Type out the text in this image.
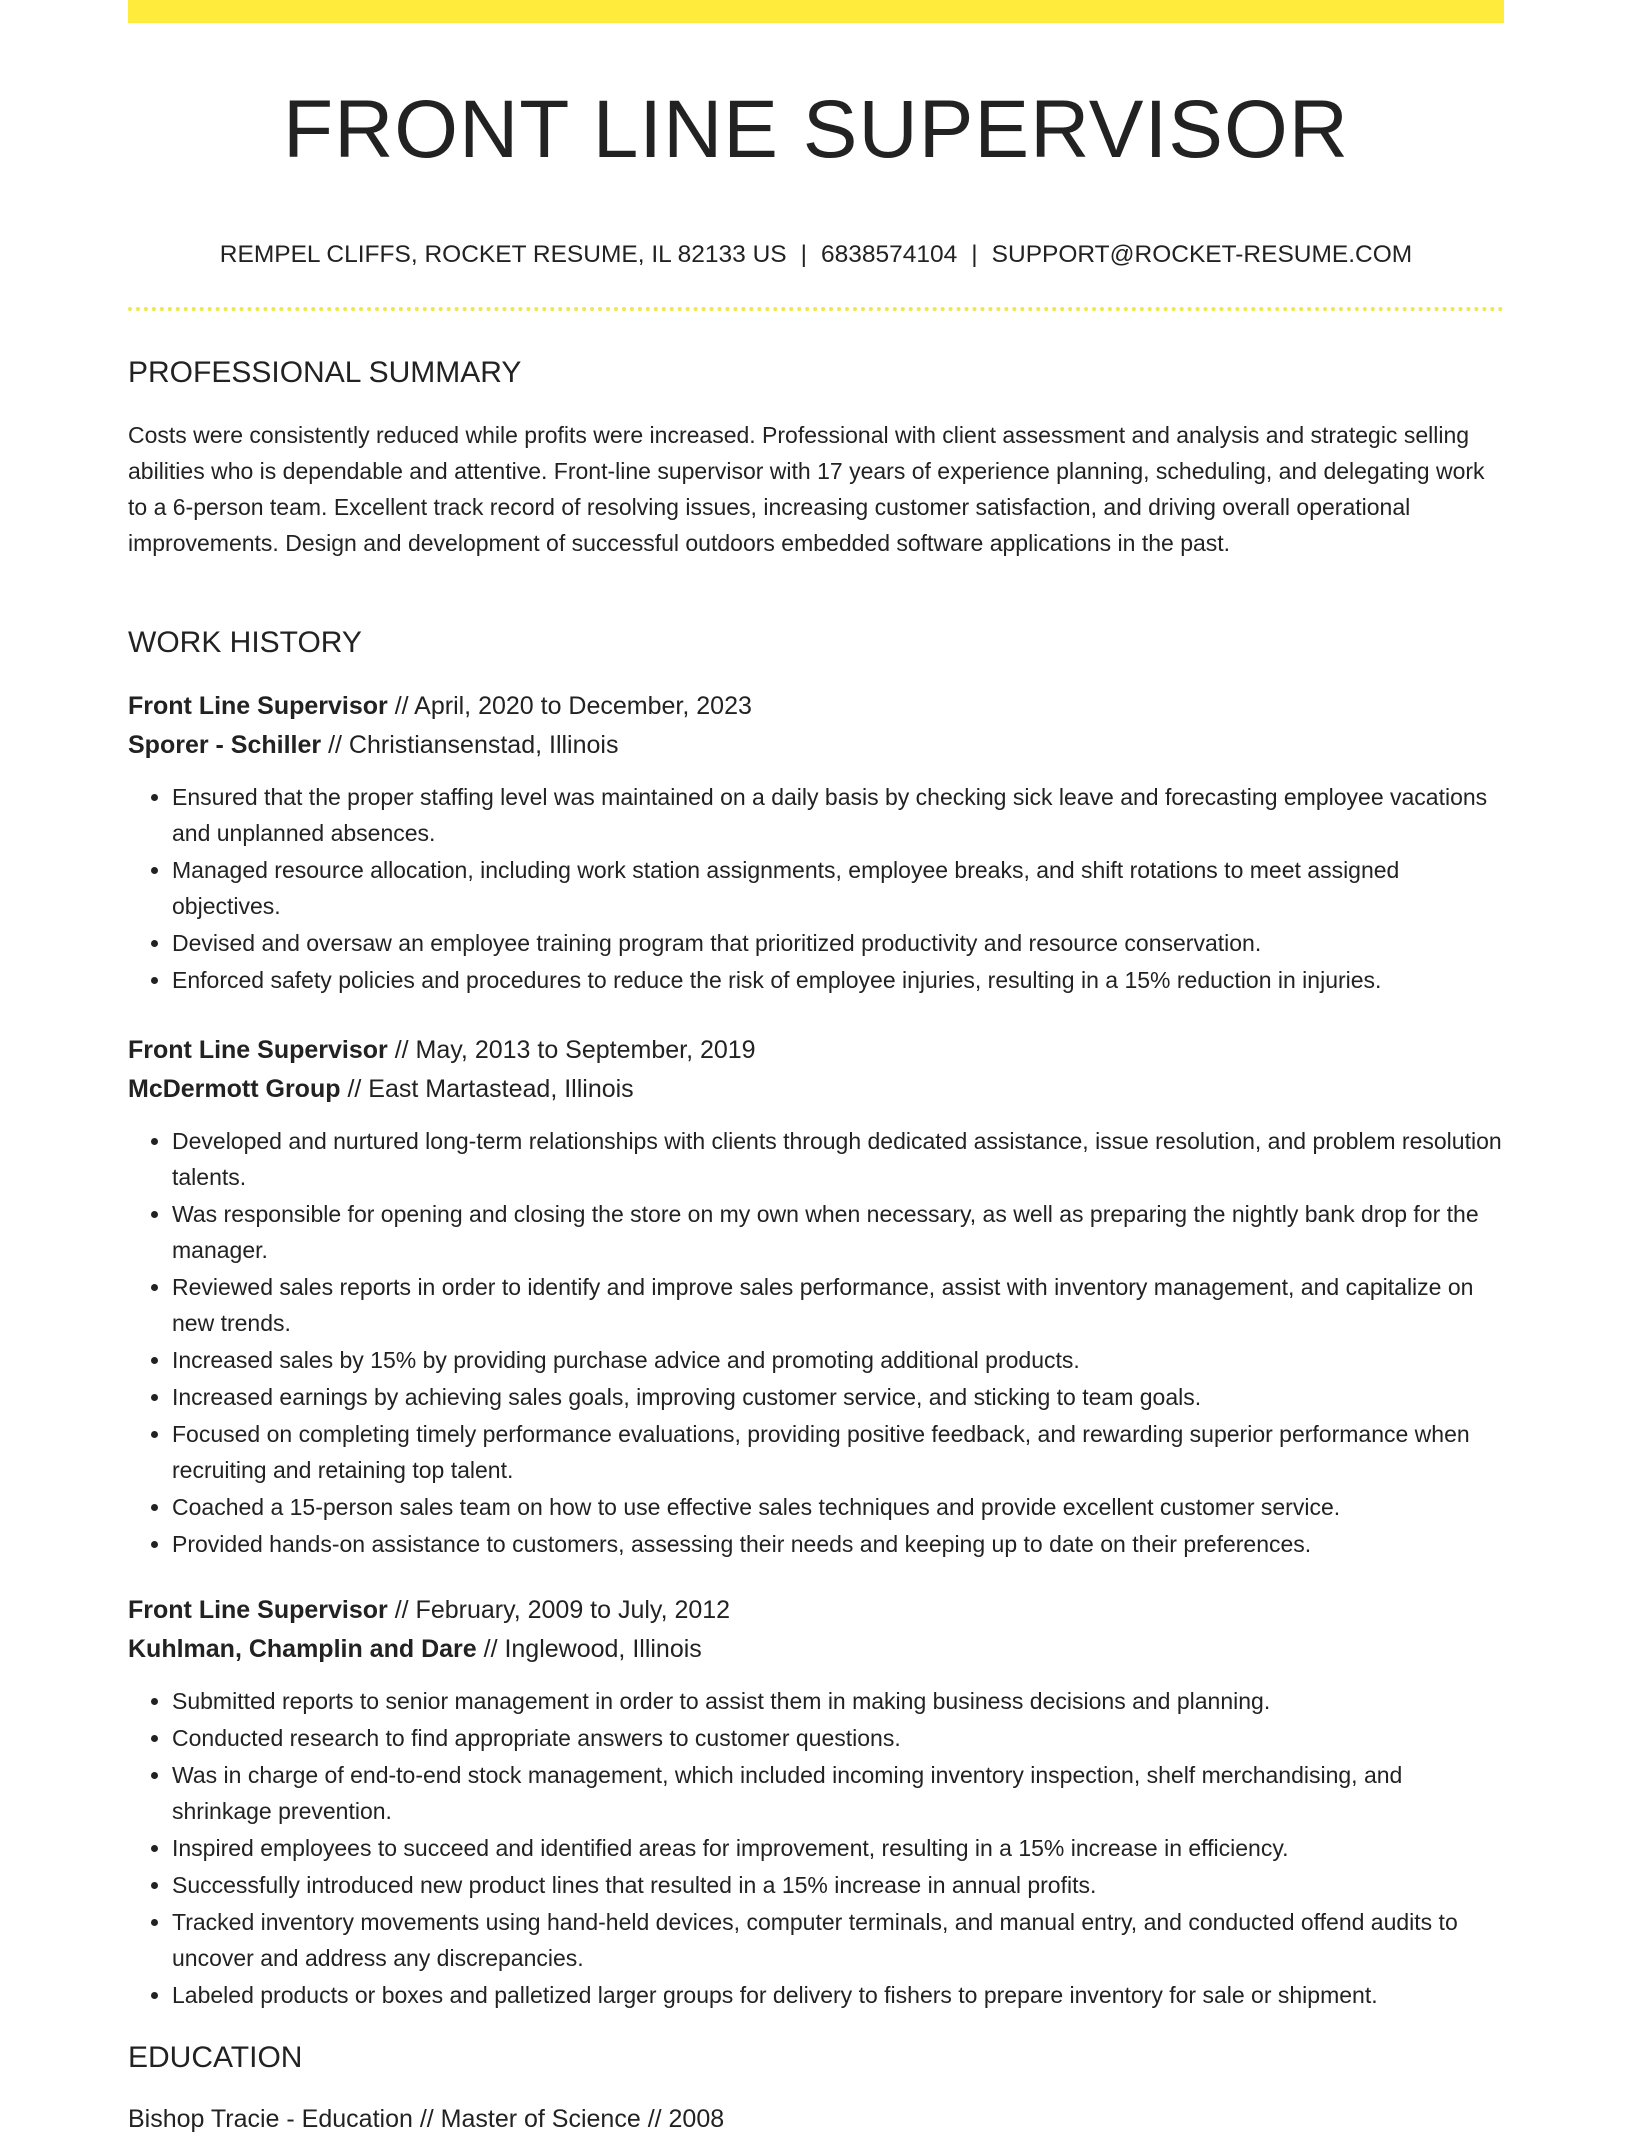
FRONT LINE SUPERVISOR
REMPEL CLIFFS, ROCKET RESUME, IL 82133 US | 6838574104 | SUPPORT@ROCKET-RESUME.COM
PROFESSIONAL SUMMARY

Costs were consistently reduced while profits were increased. Professional with client assessment and analysis and strategic selling abilities who is dependable and attentive. Front-line supervisor with 17 years of experience planning, scheduling, and delegating work to a 6-person team. Excellent track record of resolving issues, increasing customer satisfaction, and driving overall operational improvements. Design and development of successful outdoors embedded software applications in the past.

WORK HISTORY
Front Line Supervisor // April, 2020 to December, 2023
Sporer - Schiller // Christiansenstad, Illinois
• Ensured that the proper staffing level was maintained on a daily basis by checking sick leave and forecasting employee vacations and unplanned absences.
• Managed resource allocation, including work station assignments, employee breaks, and shift rotations to meet assigned objectives.
• Devised and oversaw an employee training program that prioritized productivity and resource conservation.
• Enforced safety policies and procedures to reduce the risk of employee injuries, resulting in a 15% reduction in injuries.
Front Line Supervisor // May, 2013 to September, 2019
McDermott Group // East Martastead, Illinois
• Developed and nurtured long-term relationships with clients through dedicated assistance, issue resolution, and problem resolution talents.
• Was responsible for opening and closing the store on my own when necessary, as well as preparing the nightly bank drop for the manager.
• Reviewed sales reports in order to identify and improve sales performance, assist with inventory management, and capitalize on new trends.
• Increased sales by 15% by providing purchase advice and promoting additional products.
• Increased earnings by achieving sales goals, improving customer service, and sticking to team goals.
• Focused on completing timely performance evaluations, providing positive feedback, and rewarding superior performance when recruiting and retaining top talent.
• Coached a 15-person sales team on how to use effective sales techniques and provide excellent customer service.
• Provided hands-on assistance to customers, assessing their needs and keeping up to date on their preferences.
Front Line Supervisor // February, 2009 to July, 2012
Kuhlman, Champlin and Dare // Inglewood, Illinois
• Submitted reports to senior management in order to assist them in making business decisions and planning.
• Conducted research to find appropriate answers to customer questions.
• Was in charge of end-to-end stock management, which included incoming inventory inspection, shelf merchandising, and shrinkage prevention.
• Inspired employees to succeed and identified areas for improvement, resulting in a 15% increase in efficiency.
• Successfully introduced new product lines that resulted in a 15% increase in annual profits.
• Tracked inventory movements using hand-held devices, computer terminals, and manual entry, and conducted offend audits to uncover and address any discrepancies.
• Labeled products or boxes and palletized larger groups for delivery to fishers to prepare inventory for sale or shipment.
EDUCATION
Bishop Tracie - Education // Master of Science // 2008
